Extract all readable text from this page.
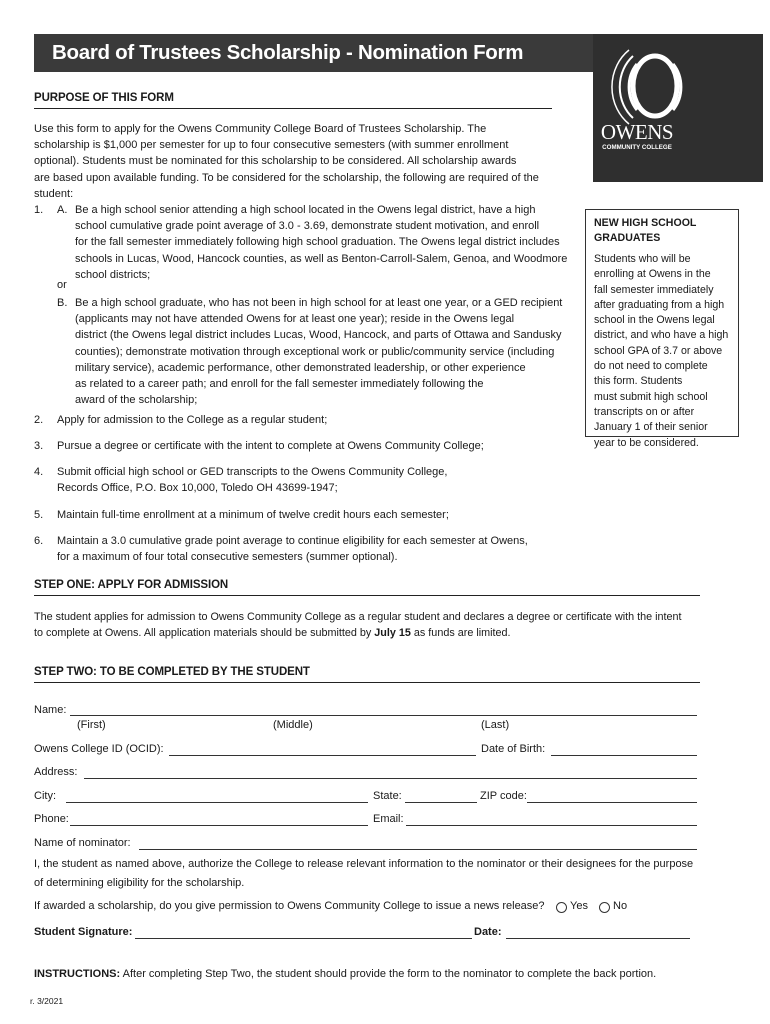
Board of Trustees Scholarship - Nomination Form
OWENS
COMMUNITY COLLEGE
PURPOSE OF THIS FORM
Use this form to apply for the Owens Community College Board of Trustees Scholarship. The
scholarship is $1,000 per semester for up to four consecutive semesters (with summer enrollment
optional). Students must be nominated for this scholarship to be considered. All scholarship awards
are based upon available funding. To be considered for the scholarship, the following are required of the
student:
1. A. Be a high school senior attending a high school located in the Owens legal district, have a high
school cumulative grade point average of 3.0 - 3.69, demonstrate student motivation, and enroll
for the fall semester immediately following high school graduation. The Owens legal district includes
schools in Lucas, Wood, Hancock counties, as well as Benton-Carroll-Salem, Genoa, and Woodmore
school districts;
or
B. Be a high school graduate, who has not been in high school for at least one year, or a GED recipient
(applicants may not have attended Owens for at least one year); reside in the Owens legal
district (the Owens legal district includes Lucas, Wood, Hancock, and parts of Ottawa and Sandusky
counties); demonstrate motivation through exceptional work or public/community service (including
military service), academic performance, other demonstrated leadership, or other experience
as related to a career path; and enroll for the fall semester immediately following the
award of the scholarship;
2. Apply for admission to the College as a regular student;
3. Pursue a degree or certificate with the intent to complete at Owens Community College;
4. Submit official high school or GED transcripts to the Owens Community College,
Records Office, P.O. Box 10,000, Toledo OH 43699-1947;
5. Maintain full-time enrollment at a minimum of twelve credit hours each semester;
6. Maintain a 3.0 cumulative grade point average to continue eligibility for each semester at Owens,
for a maximum of four total consecutive semesters (summer optional).
NEW HIGH SCHOOL
GRADUATES
Students who will be
enrolling at Owens in the
fall semester immediately
after graduating from a high
school in the Owens legal
district, and who have a high
school GPA of 3.7 or above
do not need to complete
this form. Students
must submit high school
transcripts on or after
January 1 of their senior
year to be considered.
STEP ONE: APPLY FOR ADMISSION
The student applies for admission to Owens Community College as a regular student and declares a degree or certificate with the intent
to complete at Owens. All application materials should be submitted by July 15 as funds are limited.
STEP TWO: TO BE COMPLETED BY THE STUDENT
Name:
(First)	(Middle)	(Last)
Owens College ID (OCID):	Date of Birth:
Address:
City:	State:	ZIP code:
Phone:	Email:
Name of nominator:
I, the student as named above, authorize the College to release relevant information to the nominator or their designees for the purpose
of determining eligibility for the scholarship.
If awarded a scholarship, do you give permission to Owens Community College to issue a news release? Yes No
Student Signature:	Date:
INSTRUCTIONS: After completing Step Two, the student should provide the form to the nominator to complete the back portion.
r. 3/2021
